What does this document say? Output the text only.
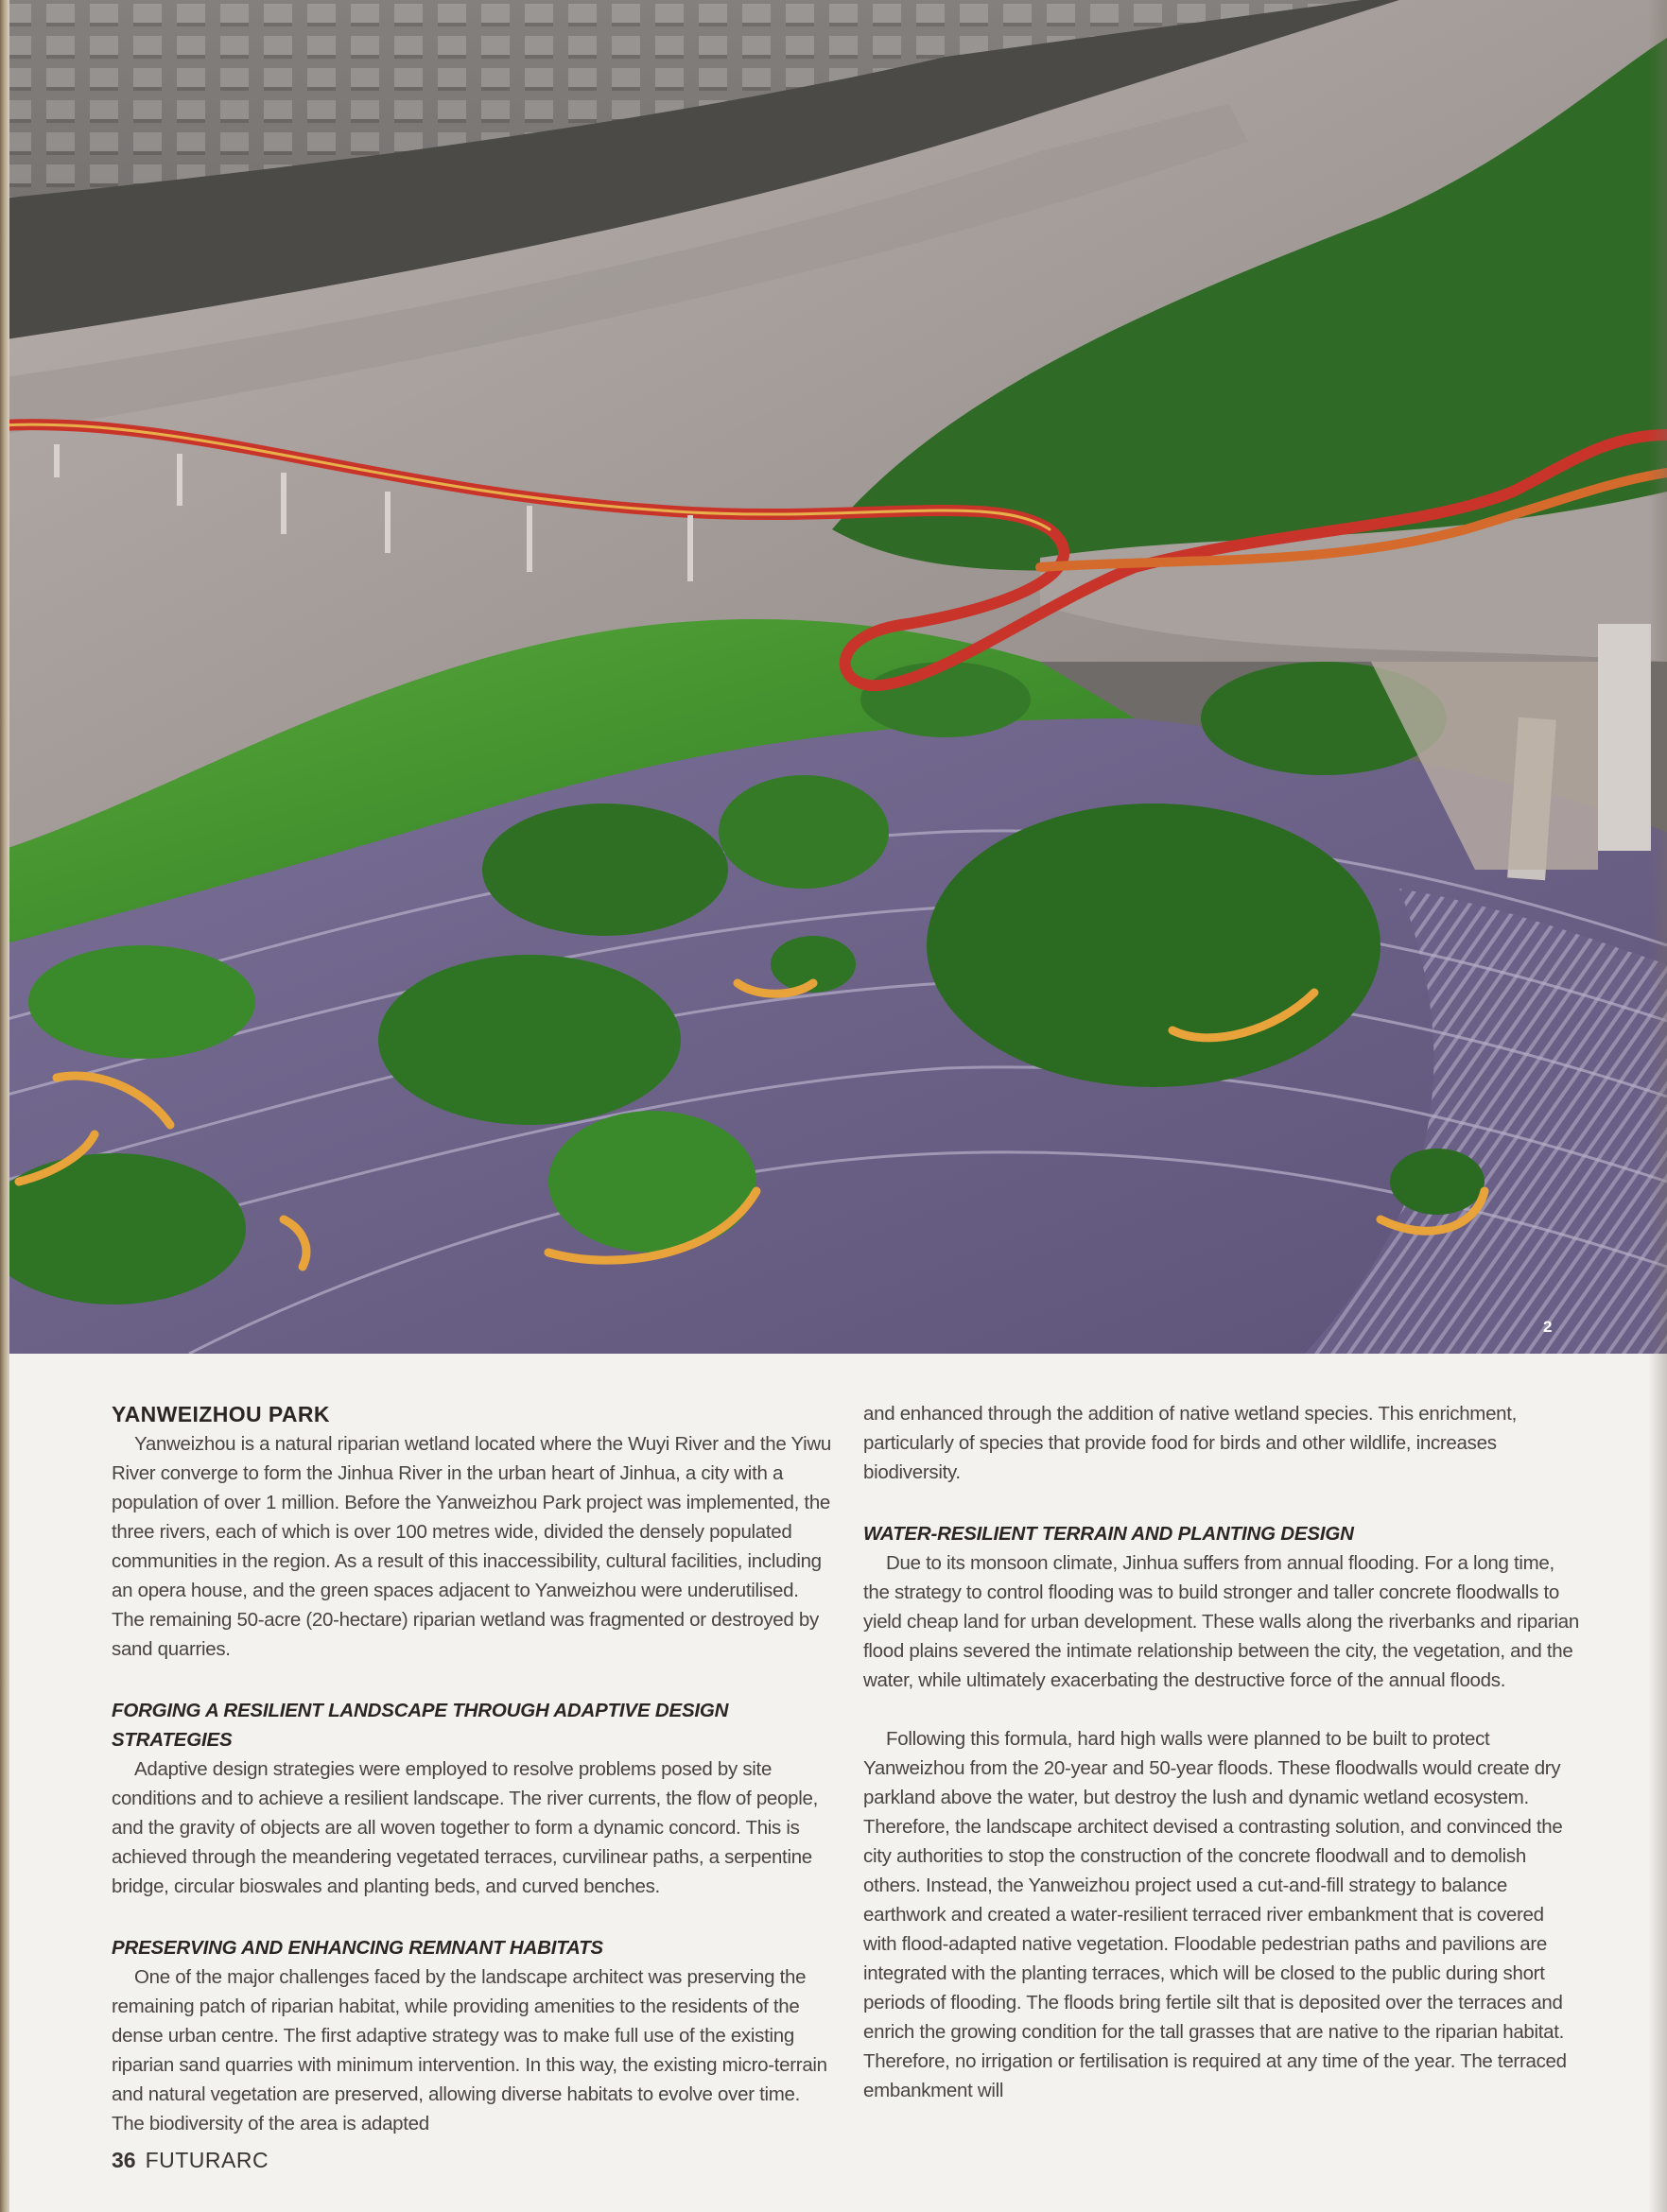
2
YANWEIZHOU PARK

Yanweizhou is a natural riparian wetland located where the Wuyi River and the Yiwu River converge to form the Jinhua River in the urban heart of Jinhua, a city with a population of over 1 million. Before the Yanweizhou Park project was implemented, the three rivers, each of which is over 100 metres wide, divided the densely populated communities in the region. As a result of this inaccessibility, cultural facilities, including an opera house, and the green spaces adjacent to Yanweizhou were underutilised. The remaining 50-acre (20-hectare) riparian wetland was fragmented or destroyed by sand quarries.

FORGING A RESILIENT LANDSCAPE THROUGH ADAPTIVE DESIGN STRATEGIES

Adaptive design strategies were employed to resolve problems posed by site conditions and to achieve a resilient landscape. The river currents, the flow of people, and the gravity of objects are all woven together to form a dynamic concord. This is achieved through the meandering vegetated terraces, curvilinear paths, a serpentine bridge, circular bioswales and planting beds, and curved benches.

PRESERVING AND ENHANCING REMNANT HABITATS

One of the major challenges faced by the landscape architect was preserving the remaining patch of riparian habitat, while providing amenities to the residents of the dense urban centre. The first adaptive strategy was to make full use of the existing riparian sand quarries with minimum intervention. In this way, the existing micro-terrain and natural vegetation are preserved, allowing diverse habitats to evolve over time. The biodiversity of the area is adapted

and enhanced through the addition of native wetland species. This enrichment, particularly of species that provide food for birds and other wildlife, increases biodiversity.

WATER-RESILIENT TERRAIN AND PLANTING DESIGN

Due to its monsoon climate, Jinhua suffers from annual flooding. For a long time, the strategy to control flooding was to build stronger and taller concrete floodwalls to yield cheap land for urban development. These walls along the riverbanks and riparian flood plains severed the intimate relationship between the city, the vegetation, and the water, while ultimately exacerbating the destructive force of the annual floods.

Following this formula, hard high walls were planned to be built to protect Yanweizhou from the 20-year and 50-year floods. These floodwalls would create dry parkland above the water, but destroy the lush and dynamic wetland ecosystem. Therefore, the landscape architect devised a contrasting solution, and convinced the city authorities to stop the construction of the concrete floodwall and to demolish others. Instead, the Yanweizhou project used a cut-and-fill strategy to balance earthwork and created a water-resilient terraced river embankment that is covered with flood-adapted native vegetation. Floodable pedestrian paths and pavilions are integrated with the planting terraces, which will be closed to the public during short periods of flooding. The floods bring fertile silt that is deposited over the terraces and enrich the growing condition for the tall grasses that are native to the riparian habitat. Therefore, no irrigation or fertilisation is required at any time of the year. The terraced embankment will

36 FUTURARC
